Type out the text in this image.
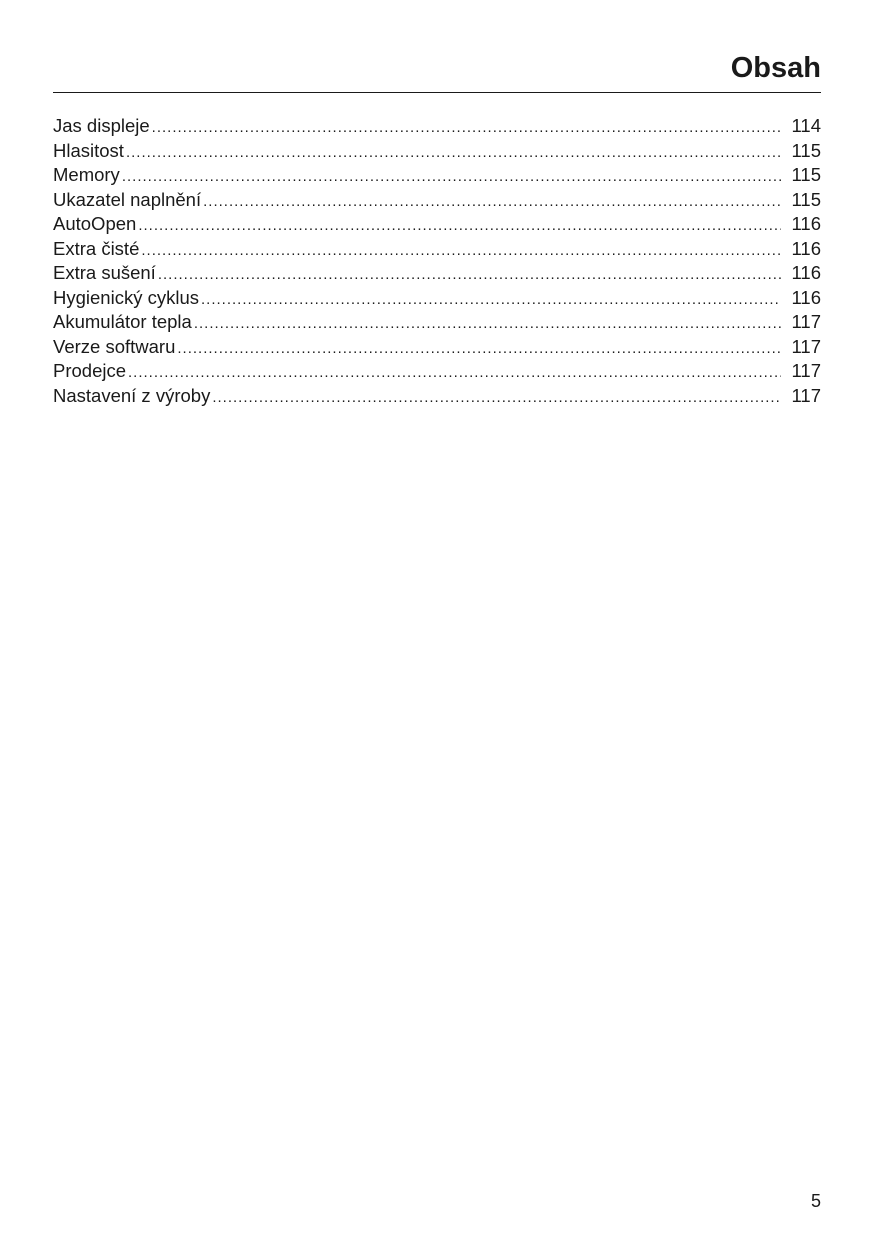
Obsah
Jas displeje .....	114
Hlasitost .....	115
Memory .....	115
Ukazatel naplnění .....	115
AutoOpen .....	116
Extra čisté .....	116
Extra sušení .....	116
Hygienický cyklus .....	116
Akumulátor tepla .....	117
Verze softwaru .....	117
Prodejce .....	117
Nastavení z výroby .....	117
5
